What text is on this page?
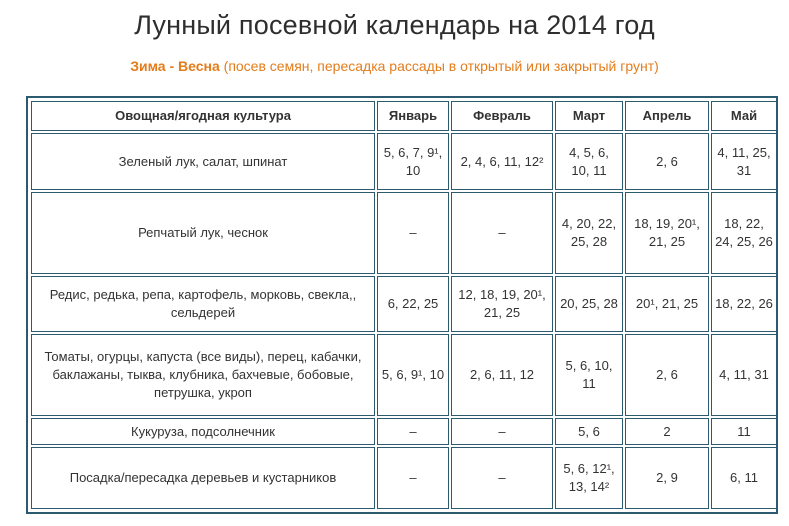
Лунный посевной календарь на 2014 год
Зима - Весна (посев семян, пересадка рассады в открытый или закрытый грунт)
Овощная/ягодная культура	Январь	Февраль	Март	Апрель	Май
Зеленый лук, салат, шпинат	5, 6, 7, 9¹, 10	2, 4, 6, 11, 12²	4, 5, 6, 10, 11	2, 6	4, 11, 25, 31
Репчатый лук, чеснок	–	–	4, 20, 22, 25, 28	18, 19, 20¹, 21, 25	18, 22, 24, 25, 26
Редис, редька, репа, картофель, морковь, свекла,, сельдерей	6, 22, 25	12, 18, 19, 20¹, 21, 25	20, 25, 28	20¹, 21, 25	18, 22, 26
Томаты, огурцы, капуста (все виды), перец, кабачки, баклажаны, тыква, клубника, бахчевые, бобовые, петрушка, укроп	5, 6, 9¹, 10	2, 6, 11, 12	5, 6, 10, 11	2, 6	4, 11, 31
Кукуруза, подсолнечник	–	–	5, 6	2	11
Посадка/пересадка деревьев и кустарников	–	–	5, 6, 12¹, 13, 14²	2, 9	6, 11
